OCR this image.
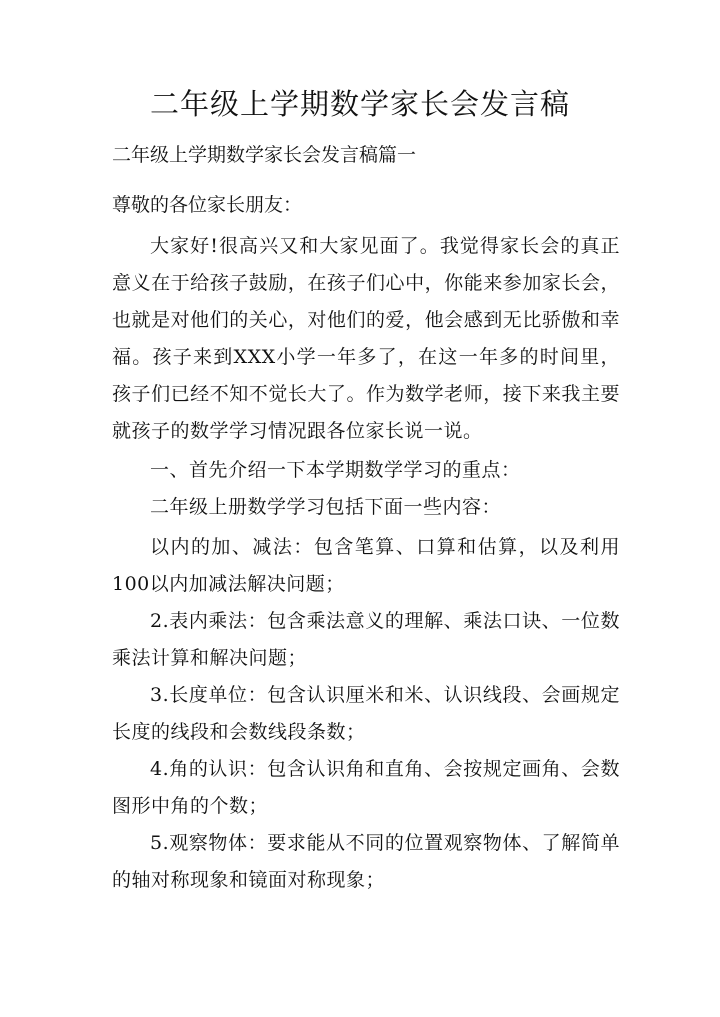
二年级上学期数学家长会发言稿

二年级上学期数学家长会发言稿篇一

尊敬的各位家长朋友：

大家好!很高兴又和大家见面了。我觉得家长会的真正意义在于给孩子鼓励，在孩子们心中，你能来参加家长会，也就是对他们的关心，对他们的爱，他会感到无比骄傲和幸福。孩子来到XXX小学一年多了，在这一年多的时间里，孩子们已经不知不觉长大了。作为数学老师，接下来我主要就孩子的数学学习情况跟各位家长说一说。

一、首先介绍一下本学期数学学习的重点：

二年级上册数学学习包括下面一些内容：

以内的加、减法：包含笔算、口算和估算，以及利用100以内加减法解决问题；

2.表内乘法：包含乘法意义的理解、乘法口诀、一位数乘法计算和解决问题；

3.长度单位：包含认识厘米和米、认识线段、会画规定长度的线段和会数线段条数；

4.角的认识：包含认识角和直角、会按规定画角、会数图形中角的个数；

5.观察物体：要求能从不同的位置观察物体、了解简单的轴对称现象和镜面对称现象；
